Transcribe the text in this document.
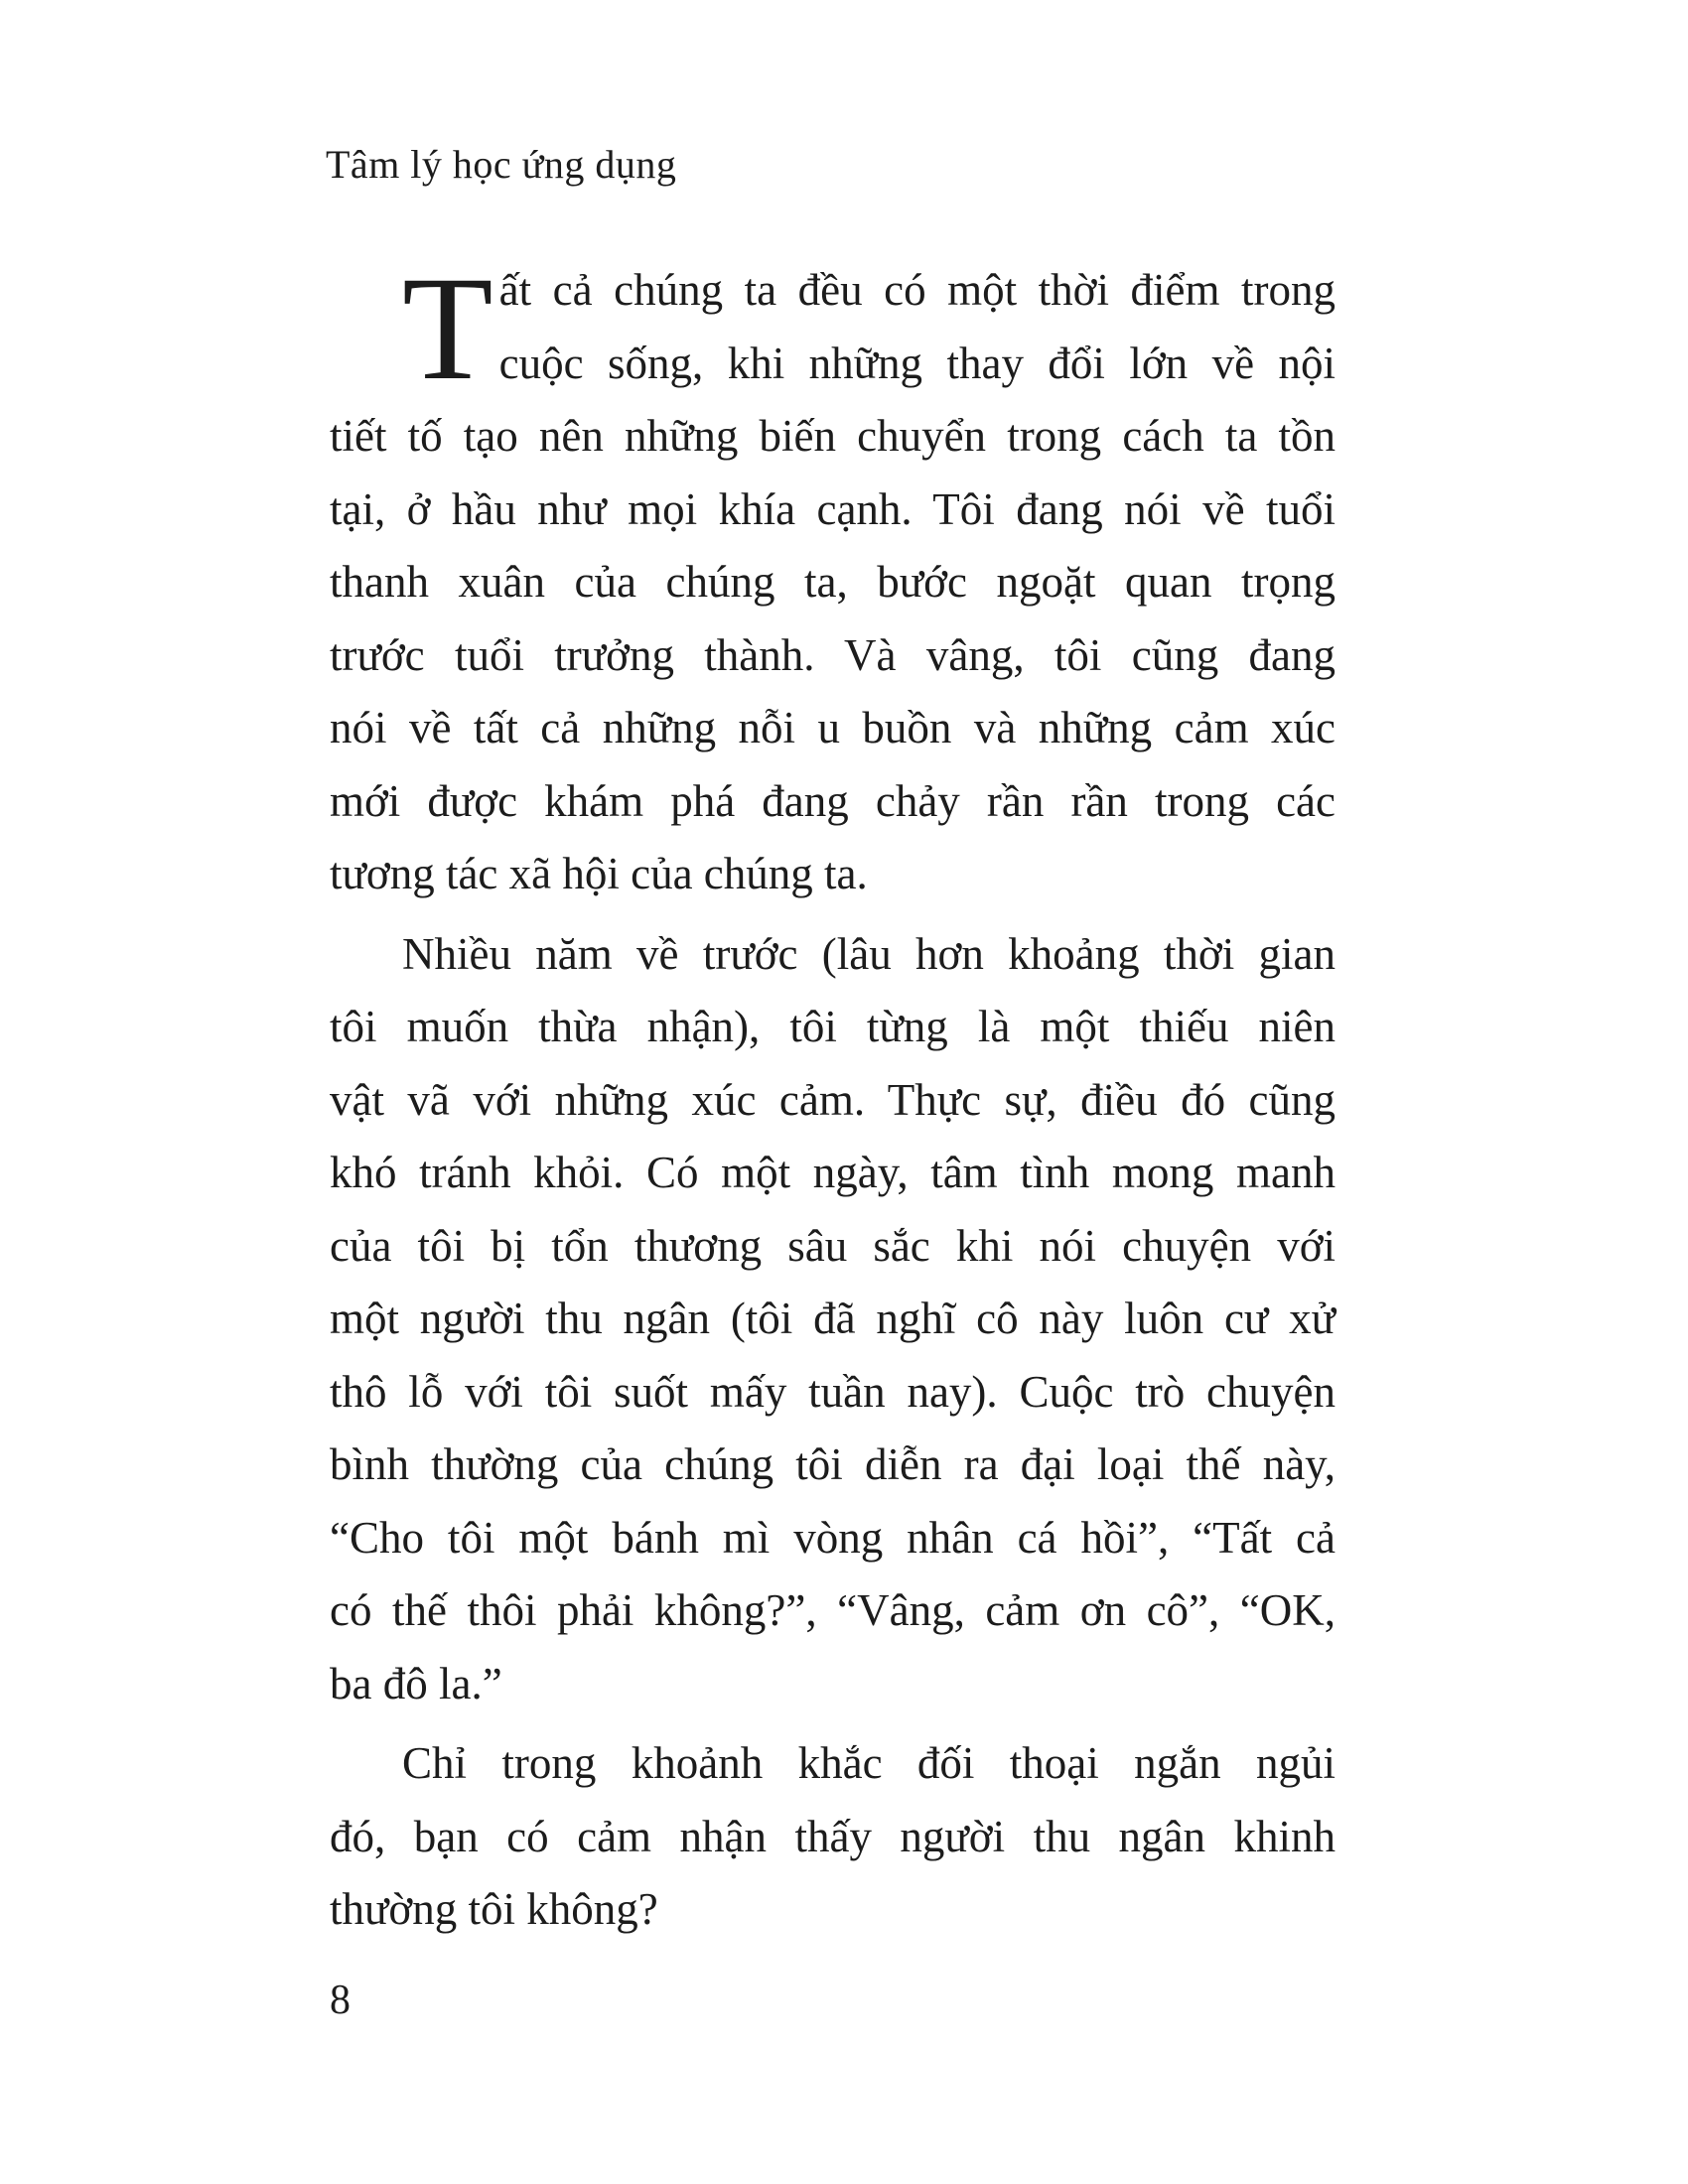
Tâm lý học ứng dụng
T ất cả chúng ta đều có một thời điểm trong
cuộc sống, khi những thay đổi lớn về nội
tiết tố tạo nên những biến chuyển trong cách ta tồn
tại, ở hầu như mọi khía cạnh. Tôi đang nói về tuổi
thanh xuân của chúng ta, bước ngoặt quan trọng
trước tuổi trưởng thành. Và vâng, tôi cũng đang
nói về tất cả những nỗi u buồn và những cảm xúc
mới được khám phá đang chảy rần rần trong các
tương tác xã hội của chúng ta.
Nhiều năm về trước (lâu hơn khoảng thời gian
tôi muốn thừa nhận), tôi từng là một thiếu niên
vật vã với những xúc cảm. Thực sự, điều đó cũng
khó tránh khỏi. Có một ngày, tâm tình mong manh
của tôi bị tổn thương sâu sắc khi nói chuyện với
một người thu ngân (tôi đã nghĩ cô này luôn cư xử
thô lỗ với tôi suốt mấy tuần nay). Cuộc trò chuyện
bình thường của chúng tôi diễn ra đại loại thế này,
“Cho tôi một bánh mì vòng nhân cá hồi”, “Tất cả
có thế thôi phải không?”, “Vâng, cảm ơn cô”, “OK,
ba đô la.”
Chỉ trong khoảnh khắc đối thoại ngắn ngủi
đó, bạn có cảm nhận thấy người thu ngân khinh
thường tôi không?
8
